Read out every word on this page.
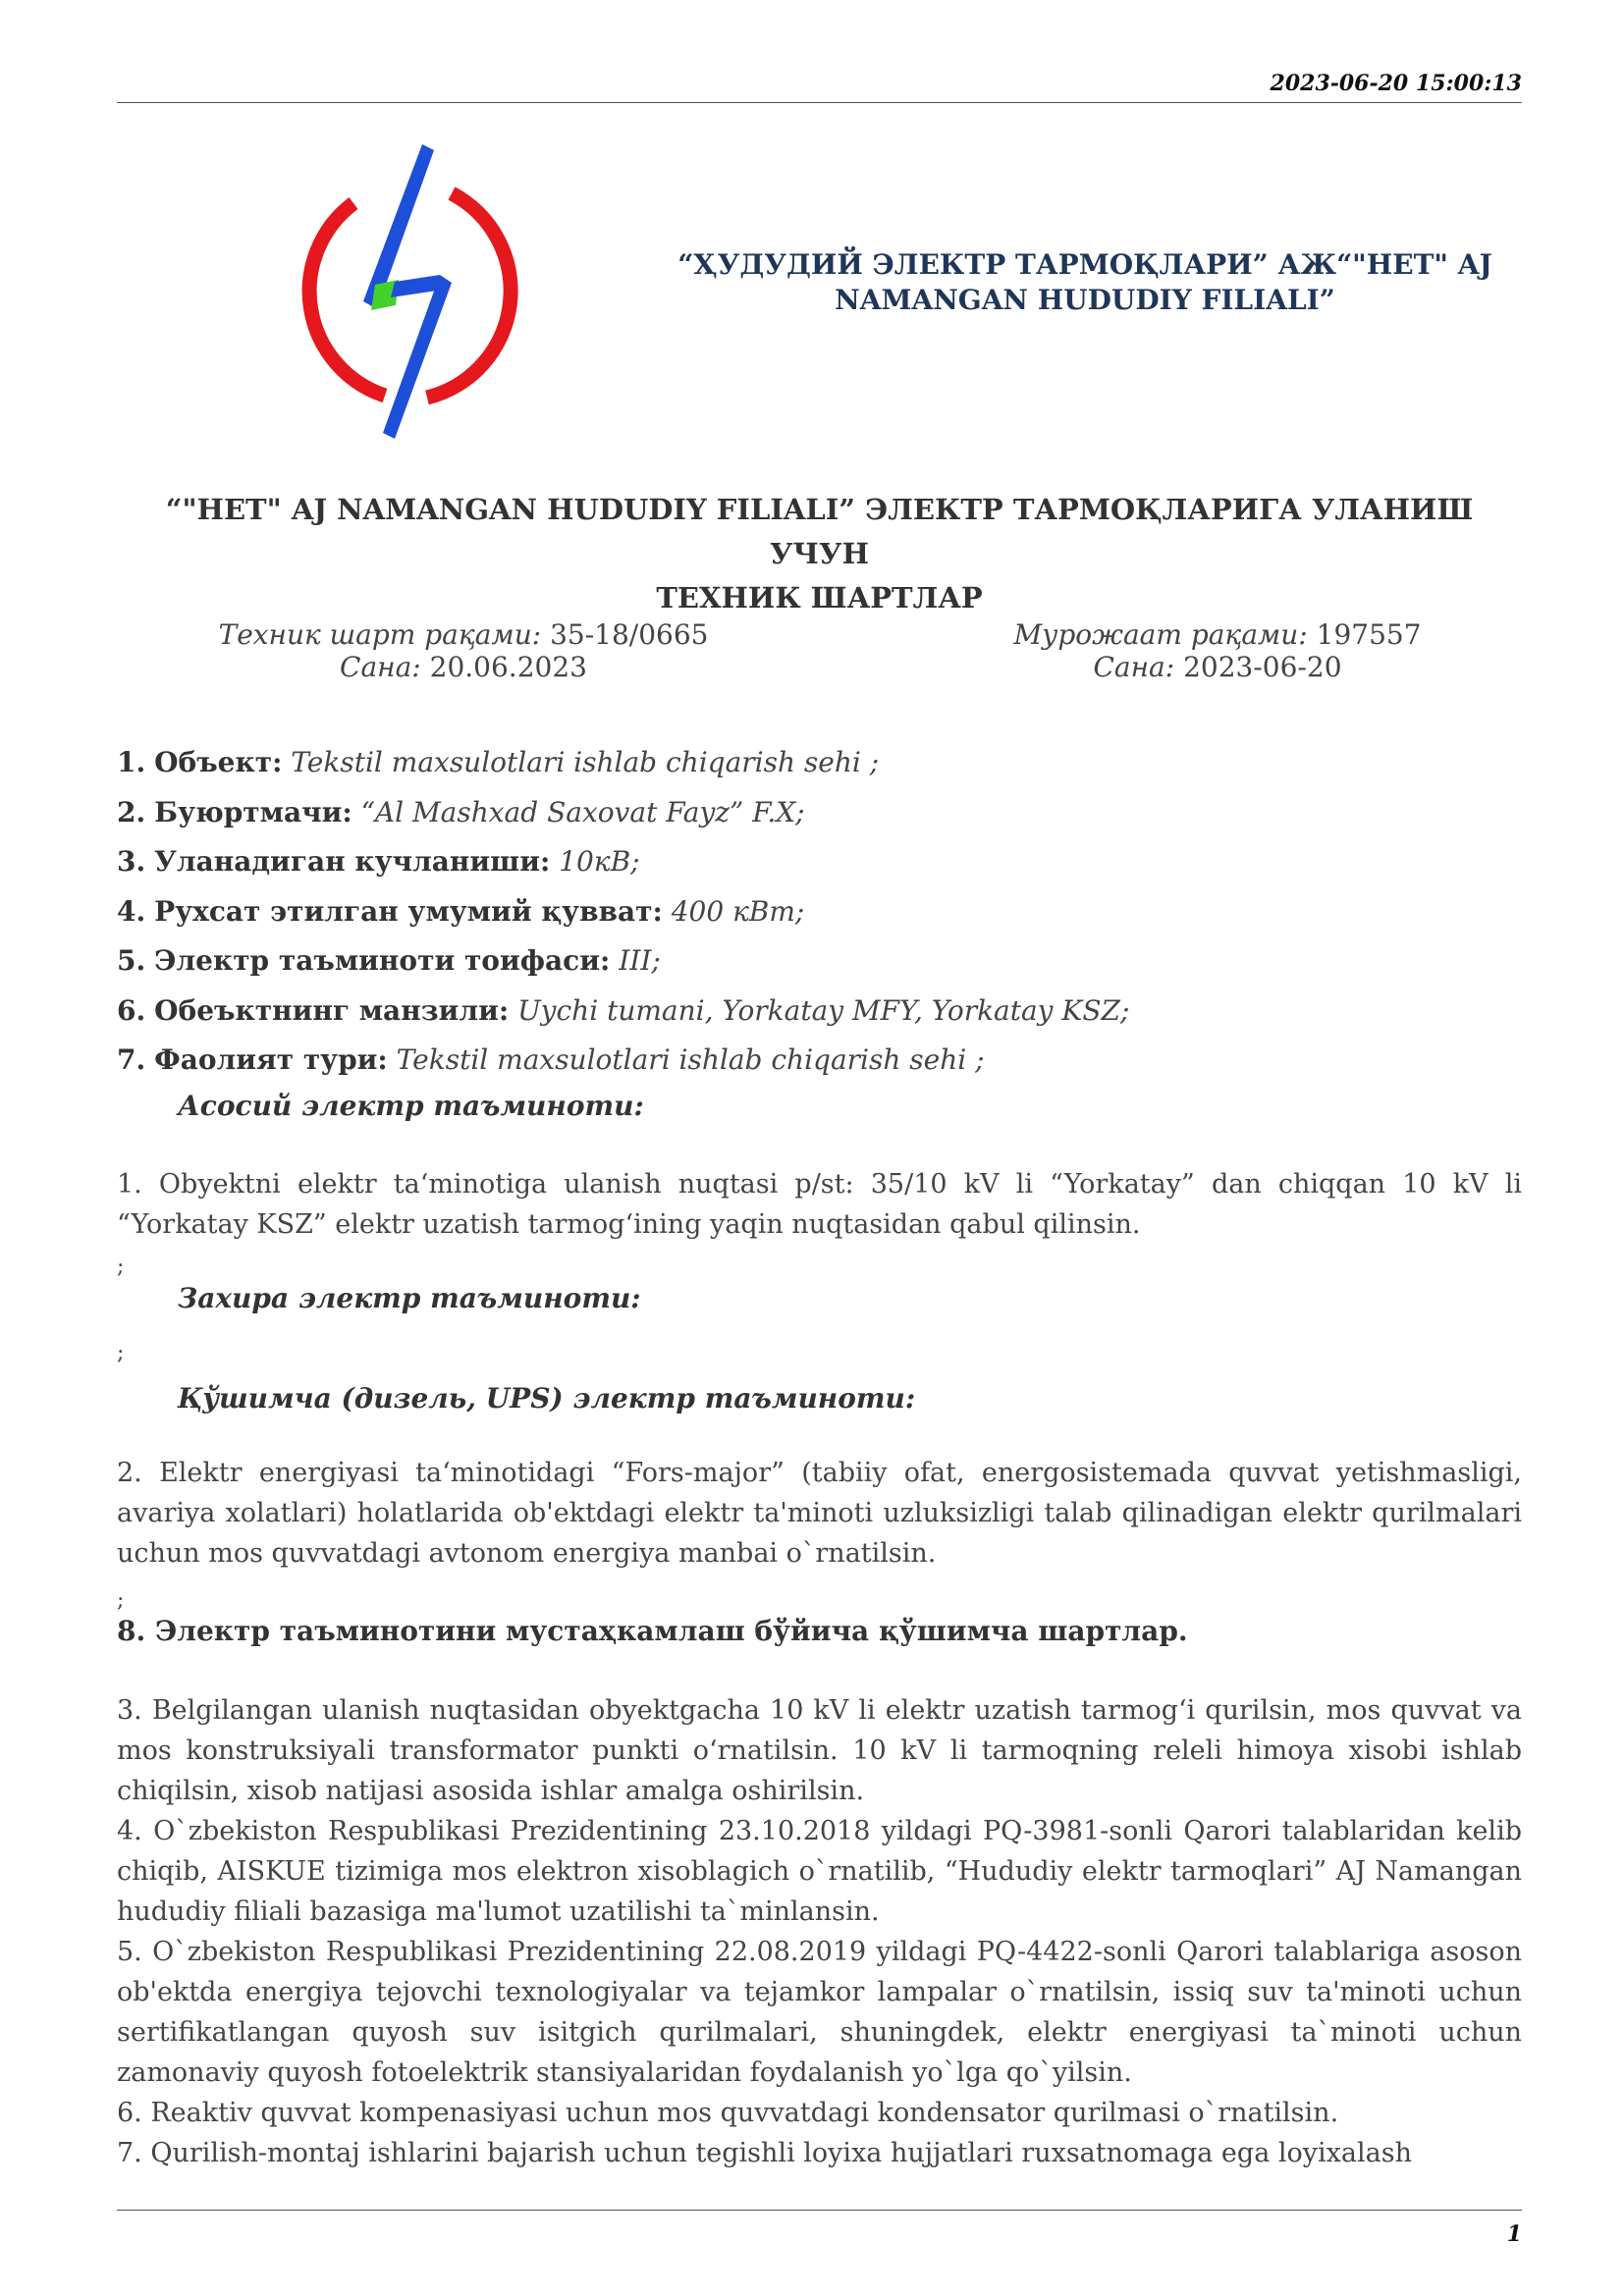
2023-06-20 15:00:13
“ҲУДУДИЙ ЭЛЕКТР ТАРМОҚЛАРИ” АЖ“"НЕТ" AJ
NAMANGAN HUDUDIY FILIALI”
“"НЕТ" AJ NAMANGAN HUDUDIY FILIALI” ЭЛЕКТР ТАРМОҚЛАРИГА УЛАНИШ УЧУН
ТЕХНИК ШАРТЛАР
Техник шарт рақами: 35-18/0665
Сана: 20.06.2023
Мурожаат рақами: 197557
Сана: 2023-06-20
1. Объект: Tekstil maxsulotlari ishlab chiqarish sehi ;
2. Буюртмачи: “Al Mashxad Saxovat Fayz” F.X;
3. Уланадиган кучланиши: 10кВ;
4. Рухсат этилган умумий қувват: 400 кВт;
5. Электр таъминоти тоифаси: III;
6. Обеъктнинг манзили: Uychi tumani, Yorkatay MFY, Yorkatay KSZ;
7. Фаолият тури: Tekstil maxsulotlari ishlab chiqarish sehi ;
Асосий электр таъминоти:
1. Obyektni elektr taʻminotiga ulanish nuqtasi p/st: 35/10 kV li “Yorkatay” dan chiqqan 10 kV li “Yorkatay KSZ” elektr uzatish tarmogʻining yaqin nuqtasidan qabul qilinsin.
;
Захира электр таъминоти:
;
Қўшимча (дизель, UPS) электр таъминоти:
2. Elektr energiyasi taʻminotidagi “Fors-major” (tabiiy ofat, energosistemada quvvat yetishmasligi, avariya xolatlari) holatlarida ob'ektdagi elektr ta'minoti uzluksizligi talab qilinadigan elektr qurilmalari uchun mos quvvatdagi avtonom energiya manbai o`rnatilsin.
;
8. Электр таъминотини мустаҳкамлаш бўйича қўшимча шартлар.
3. Belgilangan ulanish nuqtasidan obyektgacha 10 kV li elektr uzatish tarmogʻi qurilsin, mos quvvat va mos konstruksiyali transformator punkti oʻrnatilsin. 10 kV li tarmoqning releli himoya xisobi ishlab chiqilsin, xisob natijasi asosida ishlar amalga oshirilsin.
4. O`zbekiston Respublikasi Prezidentining 23.10.2018 yildagi PQ-3981-sonli Qarori talablaridan kelib chiqib, AISKUE tizimiga mos elektron xisoblagich o`rnatilib, “Hududiy elektr tarmoqlari” AJ Namangan hududiy filiali bazasiga ma'lumot uzatilishi ta`minlansin.
5. O`zbekiston Respublikasi Prezidentining 22.08.2019 yildagi PQ-4422-sonli Qarori talablariga asoson ob'ektda energiya tejovchi texnologiyalar va tejamkor lampalar o`rnatilsin, issiq suv ta'minoti uchun sertifikatlangan quyosh suv isitgich qurilmalari, shuningdek, elektr energiyasi ta`minoti uchun zamonaviy quyosh fotoelektrik stansiyalaridan foydalanish yo`lga qo`yilsin.
6. Reaktiv quvvat kompenasiyasi uchun mos quvvatdagi kondensator qurilmasi o`rnatilsin.
7. Qurilish-montaj ishlarini bajarish uchun tegishli loyixa hujjatlari ruxsatnomaga ega loyixalash
1
